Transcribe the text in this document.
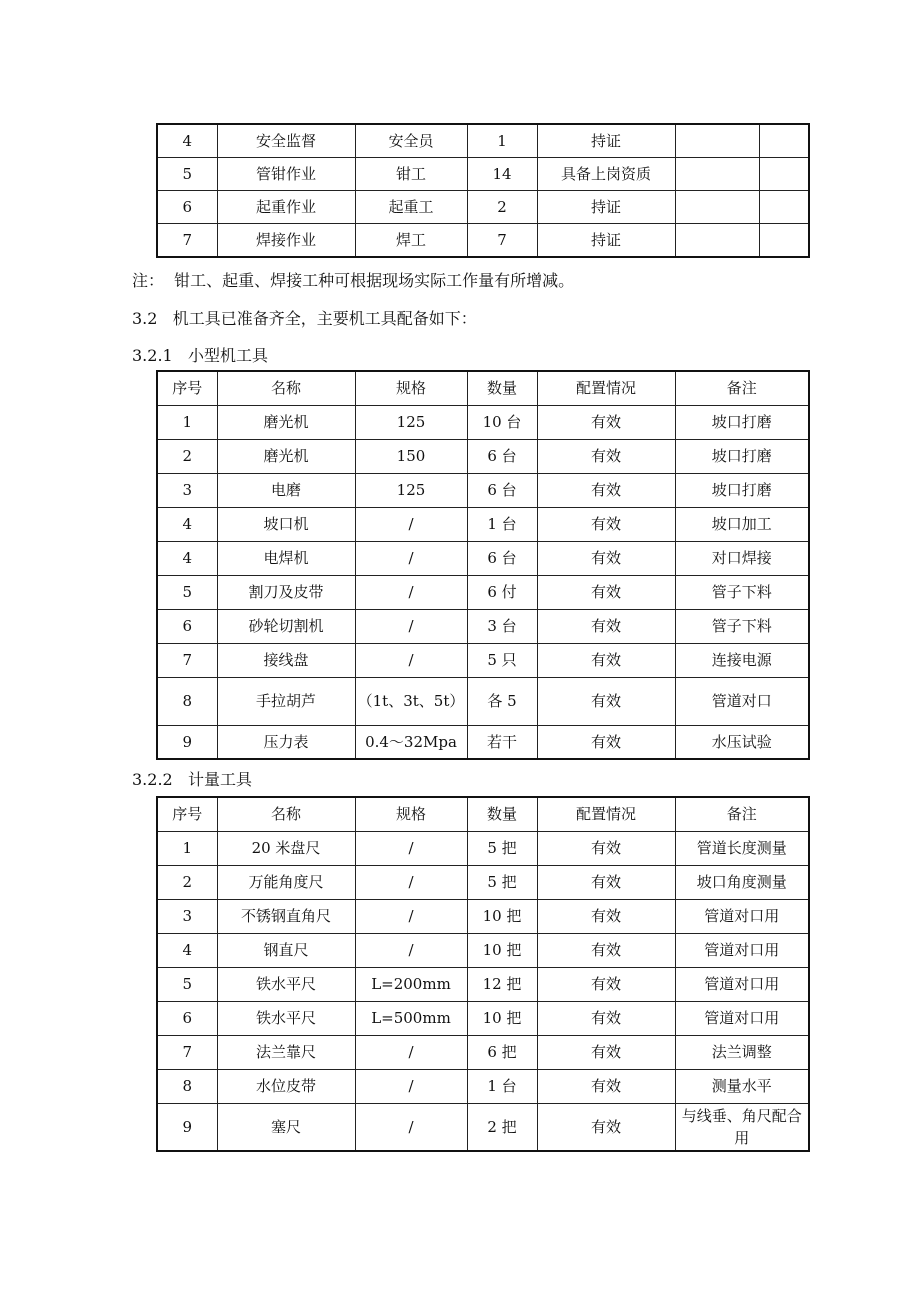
4	安全监督	安全员	1	持证		
5	管钳作业	钳工	14	具备上岗资质		
6	起重作业	起重工	2	持证		
7	焊接作业	焊工	7	持证		
注：  钳工、起重、焊接工种可根据现场实际工作量有所增减。
3.2   机工具已准备齐全，主要机工具配备如下：
3.2.1   小型机工具
序号	名称	规格	数量	配置情况	备注
1	磨光机	125	10 台	有效	坡口打磨
2	磨光机	150	6 台	有效	坡口打磨
3	电磨	125	6 台	有效	坡口打磨
4	坡口机	/	1 台	有效	坡口加工
4	电焊机	/	6 台	有效	对口焊接
5	割刀及皮带	/	6 付	有效	管子下料
6	砂轮切割机	/	3 台	有效	管子下料
7	接线盘	/	5 只	有效	连接电源
8	手拉胡芦	（1t、3t、5t）	各 5	有效	管道对口
9	压力表	0.4～32Mpa	若干	有效	水压试验
3.2.2   计量工具
序号	名称	规格	数量	配置情况	备注
1	20 米盘尺	/	5 把	有效	管道长度测量
2	万能角度尺	/	5 把	有效	坡口角度测量
3	不锈钢直角尺	/	10 把	有效	管道对口用
4	钢直尺	/	10 把	有效	管道对口用
5	铁水平尺	L=200mm	12 把	有效	管道对口用
6	铁水平尺	L=500mm	10 把	有效	管道对口用
7	法兰靠尺	/	6 把	有效	法兰调整
8	水位皮带	/	1 台	有效	测量水平
9	塞尺	/	2 把	有效	与线垂、角尺配合用
